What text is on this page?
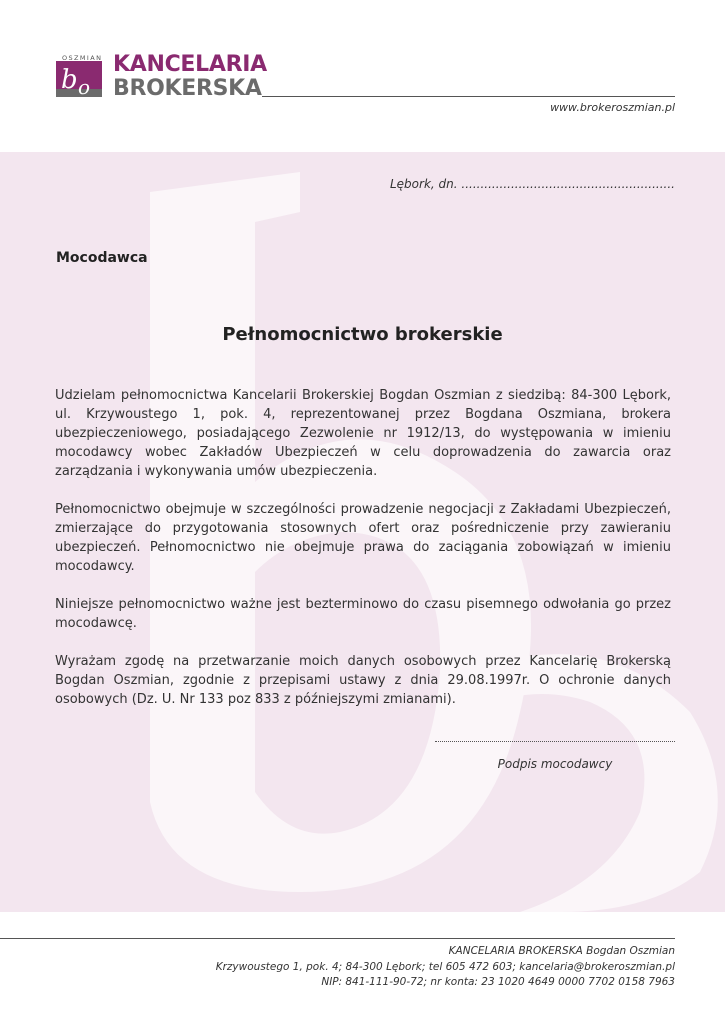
b o
OSZMIAN KANCELARIA
BROKERSKA
www.brokeroszmian.pl
Lębork, dn. ........................................................
Mocodawca
Pełnomocnictwo brokerskie

Udzielam pełnomocnictwa Kancelarii Brokerskiej Bogdan Oszmian z siedzibą: 84-300 Lębork, ul. Krzywoustego 1, pok. 4, reprezentowanej przez Bogdana Oszmiana, brokera ubezpieczeniowego, posiadającego Zezwolenie nr 1912/13, do występowania w imieniu mocodawcy wobec Zakładów Ubezpieczeń w celu doprowadzenia do zawarcia oraz zarządzania i wykonywania umów ubezpieczenia.

Pełnomocnictwo obejmuje w szczególności prowadzenie negocjacji z Zakładami Ubezpieczeń, zmierzające do przygotowania stosownych ofert oraz pośredniczenie przy zawieraniu ubezpieczeń. Pełnomocnictwo nie obejmuje prawa do zaciągania zobowiązań w imieniu mocodawcy.

Niniejsze pełnomocnictwo ważne jest bezterminowo do czasu pisemnego odwołania go przez mocodawcę.

Wyrażam zgodę na przetwarzanie moich danych osobowych przez Kancelarię Brokerską Bogdan Oszmian, zgodnie z przepisami ustawy z dnia 29.08.1997r. O ochronie danych osobowych (Dz. U. Nr 133 poz 833 z późniejszymi zmianami).

Podpis mocodawcy
KANCELARIA BROKERSKA Bogdan Oszmian
Krzywoustego 1, pok. 4; 84-300 Lębork; tel 605 472 603; kancelaria@brokeroszmian.pl
NIP: 841-111-90-72; nr konta: 23 1020 4649 0000 7702 0158 7963
